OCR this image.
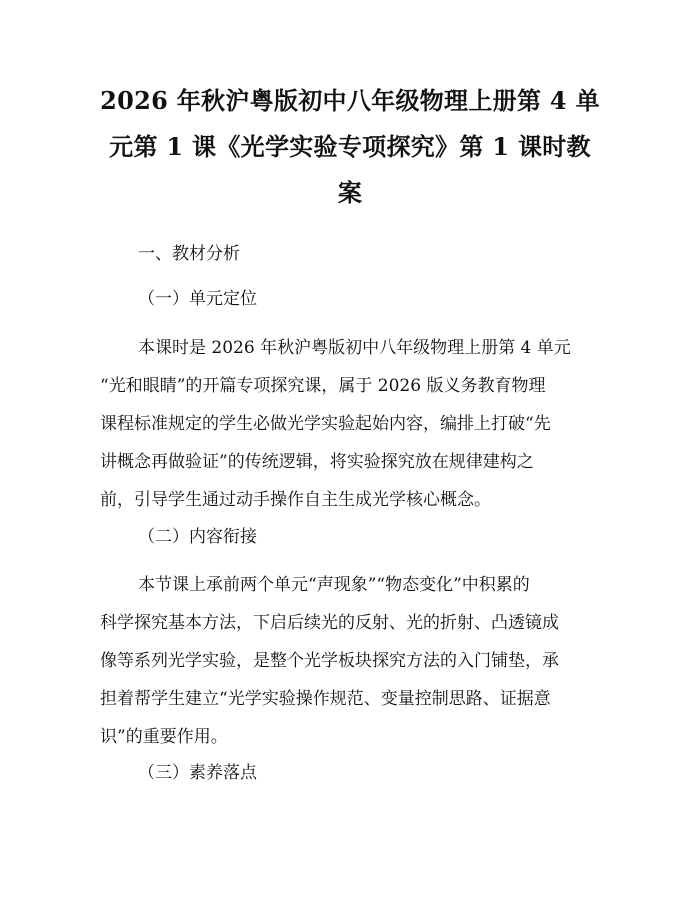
2026 年秋沪粤版初中八年级物理上册第 4 单
元第 1 课《光学实验专项探究》第 1 课时教
案
一、教材分析
（一）单元定位
本课时是 2026 年秋沪粤版初中八年级物理上册第 4 单元
“光和眼睛”的开篇专项探究课，属于 2026 版义务教育物理
课程标准规定的学生必做光学实验起始内容，编排上打破“先
讲概念再做验证”的传统逻辑，将实验探究放在规律建构之
前，引导学生通过动手操作自主生成光学核心概念。
（二）内容衔接
本节课上承前两个单元“声现象”“物态变化”中积累的
科学探究基本方法，下启后续光的反射、光的折射、凸透镜成
像等系列光学实验，是整个光学板块探究方法的入门铺垫，承
担着帮学生建立“光学实验操作规范、变量控制思路、证据意
识”的重要作用。
（三）素养落点
